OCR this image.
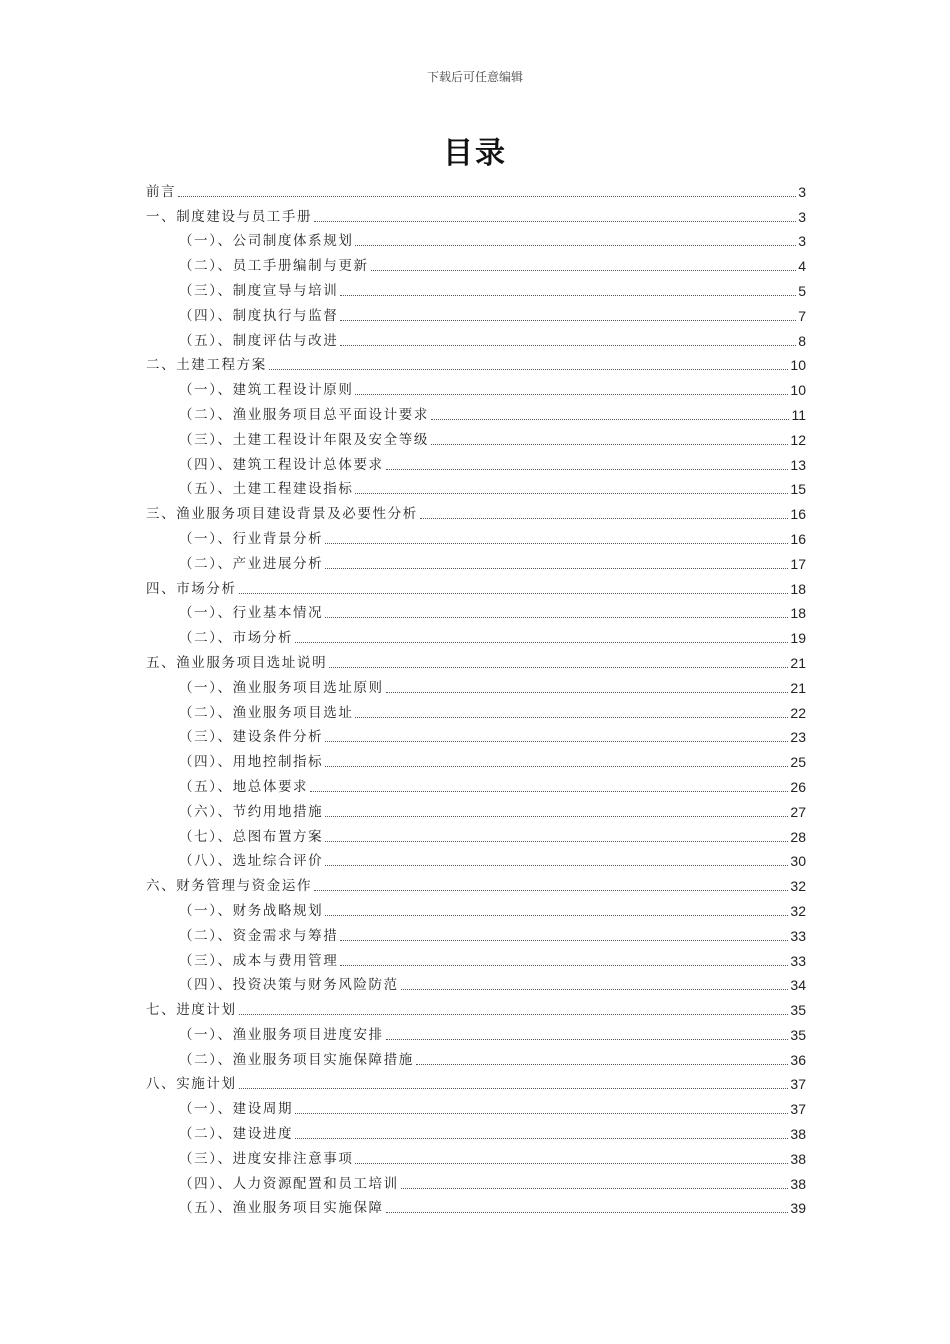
下载后可任意编辑
目录
前言	3
一、制度建设与员工手册	3
（一）、公司制度体系规划	3
（二）、员工手册编制与更新	4
（三）、制度宣导与培训	5
（四）、制度执行与监督	7
（五）、制度评估与改进	8
二、土建工程方案	10
（一）、建筑工程设计原则	10
（二）、渔业服务项目总平面设计要求	11
（三）、土建工程设计年限及安全等级	12
（四）、建筑工程设计总体要求	13
（五）、土建工程建设指标	15
三、渔业服务项目建设背景及必要性分析	16
（一）、行业背景分析	16
（二）、产业进展分析	17
四、市场分析	18
（一）、行业基本情况	18
（二）、市场分析	19
五、渔业服务项目选址说明	21
（一）、渔业服务项目选址原则	21
（二）、渔业服务项目选址	22
（三）、建设条件分析	23
（四）、用地控制指标	25
（五）、地总体要求	26
（六）、节约用地措施	27
（七）、总图布置方案	28
（八）、选址综合评价	30
六、财务管理与资金运作	32
（一）、财务战略规划	32
（二）、资金需求与筹措	33
（三）、成本与费用管理	33
（四）、投资决策与财务风险防范	34
七、进度计划	35
（一）、渔业服务项目进度安排	35
（二）、渔业服务项目实施保障措施	36
八、实施计划	37
（一）、建设周期	37
（二）、建设进度	38
（三）、进度安排注意事项	38
（四）、人力资源配置和员工培训	38
（五）、渔业服务项目实施保障	39
